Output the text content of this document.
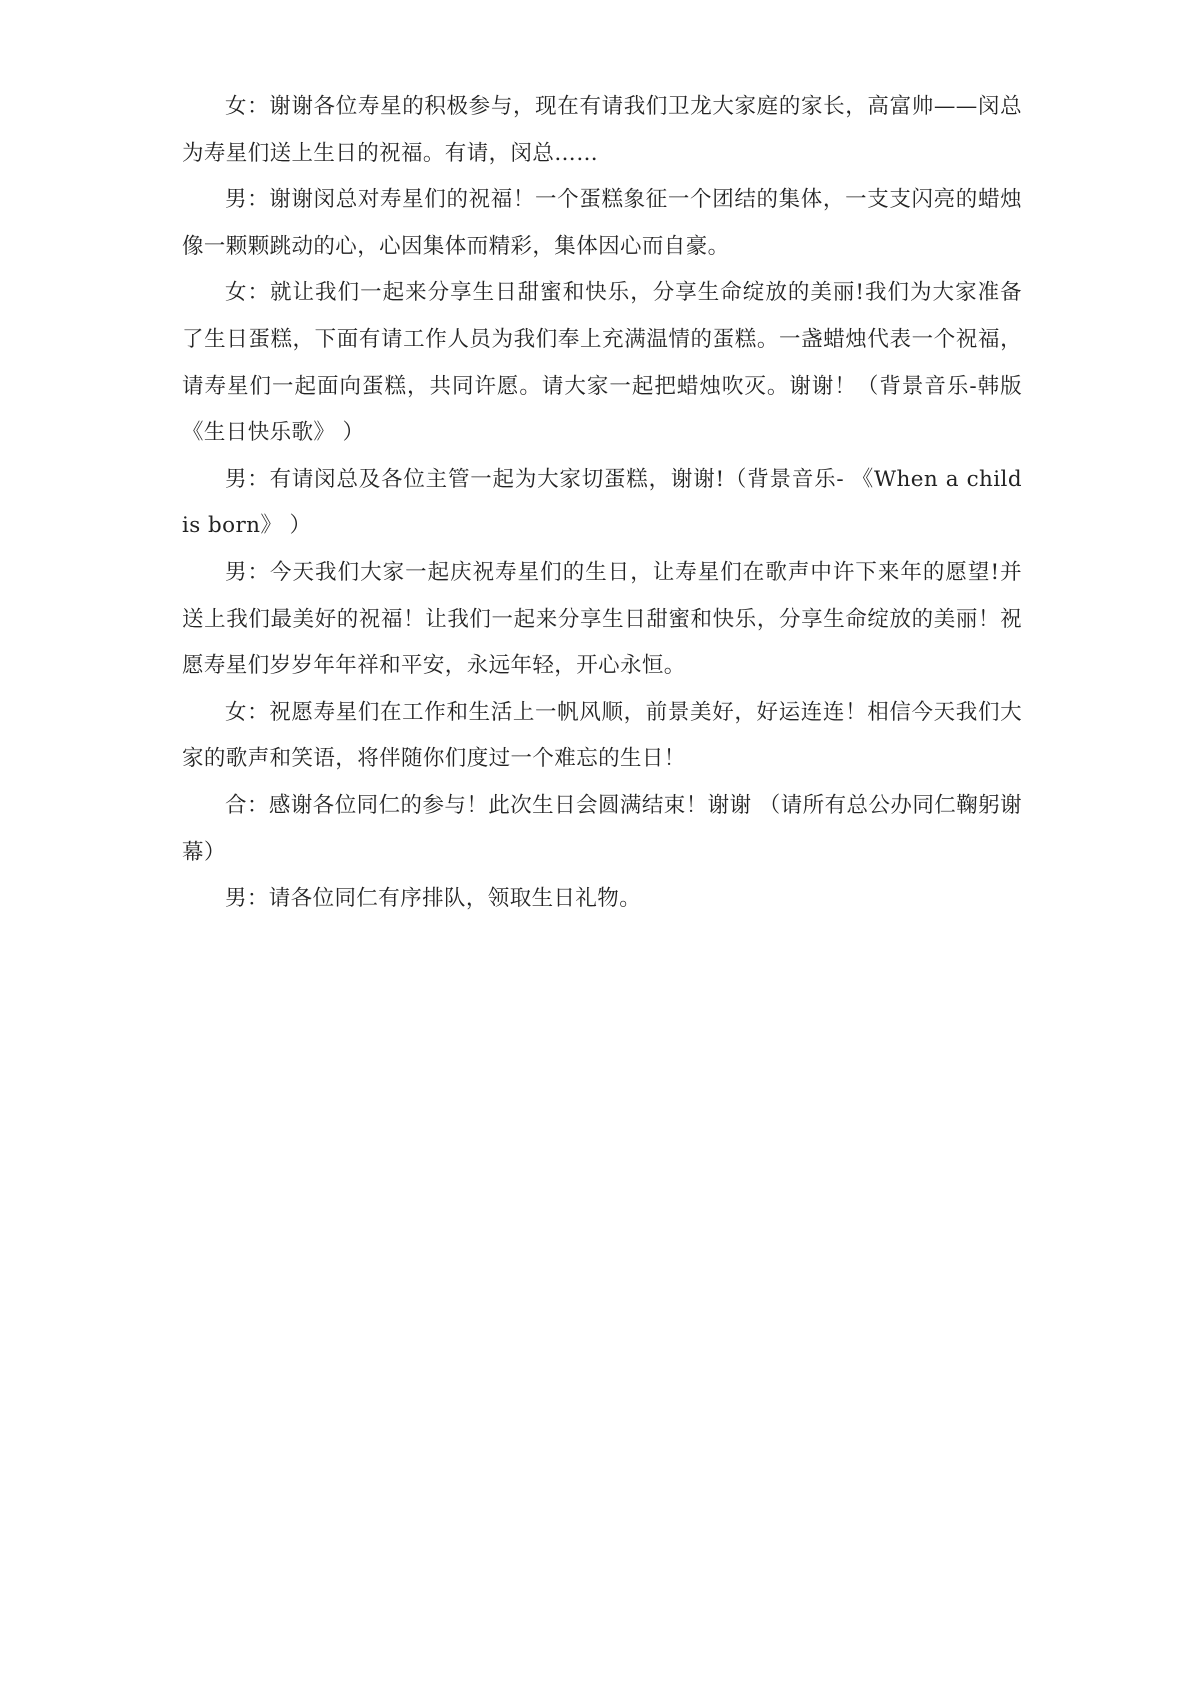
女：谢谢各位寿星的积极参与，现在有请我们卫龙大家庭的家长，高富帅——闵总为寿星们送上生日的祝福。有请，闵总……

男：谢谢闵总对寿星们的祝福！一个蛋糕象征一个团结的集体，一支支闪亮的蜡烛像一颗颗跳动的心，心因集体而精彩，集体因心而自豪。

女：就让我们一起来分享生日甜蜜和快乐，分享生命绽放的美丽!我们为大家准备了生日蛋糕，下面有请工作人员为我们奉上充满温情的蛋糕。一盏蜡烛代表一个祝福，请寿星们一起面向蛋糕，共同许愿。请大家一起把蜡烛吹灭。谢谢！（背景音乐-韩版《生日快乐歌》 ）

男：有请闵总及各位主管一起为大家切蛋糕，谢谢!（背景音乐- 《When a child is born》 ）

男：今天我们大家一起庆祝寿星们的生日，让寿星们在歌声中许下来年的愿望!并送上我们最美好的祝福！让我们一起来分享生日甜蜜和快乐，分享生命绽放的美丽！祝愿寿星们岁岁年年祥和平安，永远年轻，开心永恒。

女：祝愿寿星们在工作和生活上一帆风顺，前景美好，好运连连！相信今天我们大家的歌声和笑语，将伴随你们度过一个难忘的生日！

合：感谢各位同仁的参与！此次生日会圆满结束！谢谢 （请所有总公办同仁鞠躬谢幕）

男：请各位同仁有序排队，领取生日礼物。
